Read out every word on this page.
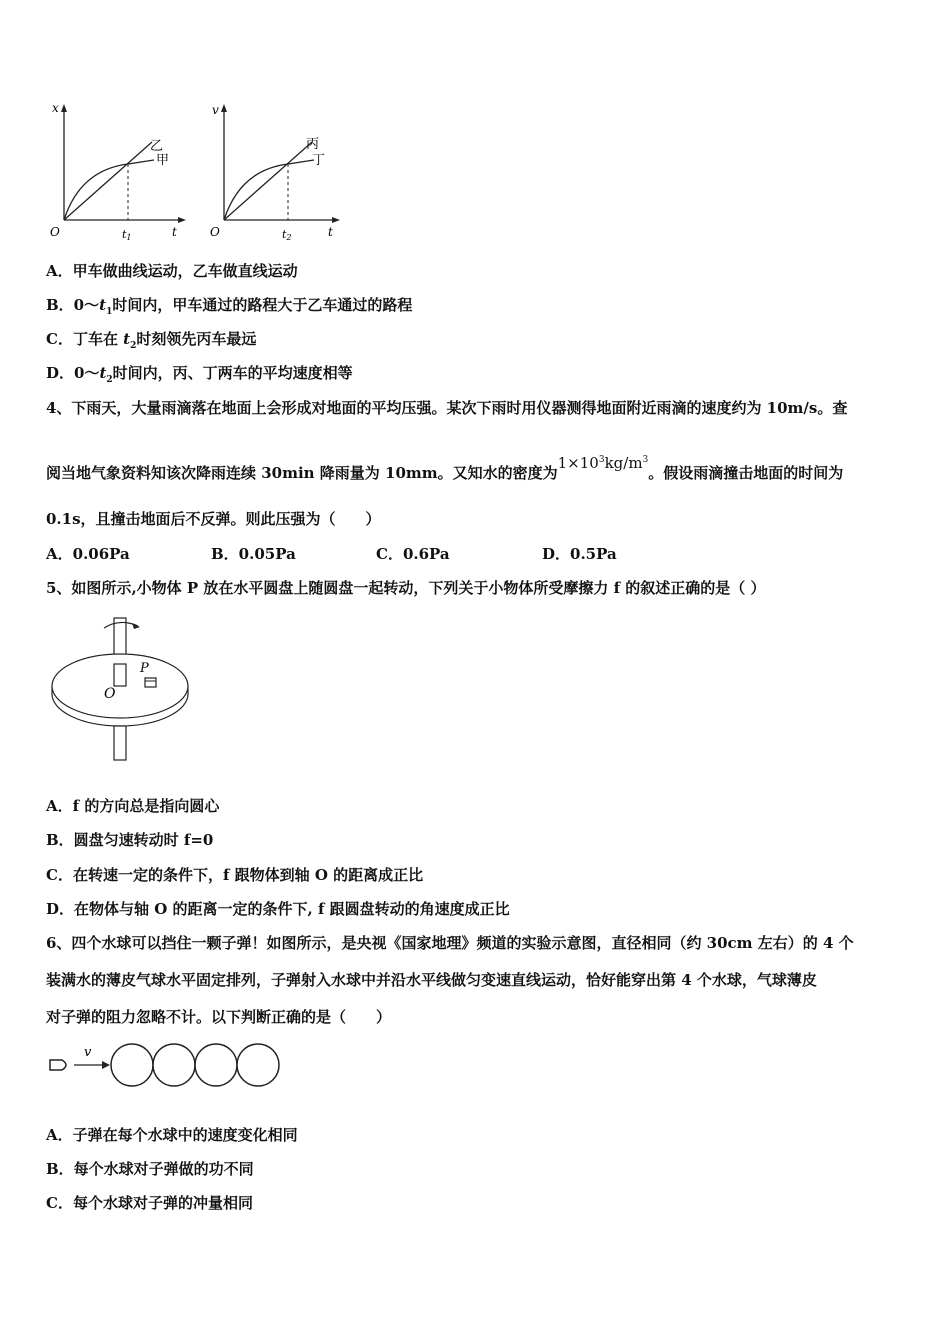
x
t
O	t1
乙
甲
v
t
O	t2
丙
丁
A．甲车做曲线运动，乙车做直线运动
B．$0\sim t_1$时间内，甲车通过的路程大于乙车通过的路程
C．丁车在 $t_2$时刻领先丙车最远
D．$0\sim t_2$时间内，丙、丁两车的平均速度相等
4、下雨天，大量雨滴落在地面上会形成对地面的平均压强。某次下雨时用仪器测得地面附近雨滴的速度约为 10m/s。查
阅当地气象资料知该次降雨连续 30min 降雨量为 10mm。又知水的密度为$1\times 10^3kg/m^3$。假设雨滴撞击地面的时间为
0.1s，且撞击地面后不反弹。则此压强为（　　）
A．0.06Pa	B．0.05Pa	C．0.6Pa	D．0.5Pa
5、如图所示,小物体 P 放在水平圆盘上随圆盘一起转动，下列关于小物体所受摩擦力 f 的叙述正确的是（ ）
P
O
A．f 的方向总是指向圆心
B．圆盘匀速转动时 f=0
C．在转速一定的条件下，f 跟物体到轴 O 的距离成正比
D．在物体与轴 O 的距离一定的条件下, f 跟圆盘转动的角速度成正比
6、四个水球可以挡住一颗子弹！如图所示，是央视《国家地理》频道的实验示意图，直径相同（约 30cm 左右）的 4 个
装满水的薄皮气球水平固定排列，子弹射入水球中并沿水平线做匀变速直线运动，恰好能穿出第 4 个水球，气球薄皮
对子弹的阻力忽略不计。以下判断正确的是（　　）
v
A．子弹在每个水球中的速度变化相同
B．每个水球对子弹做的功不同
C．每个水球对子弹的冲量相同
